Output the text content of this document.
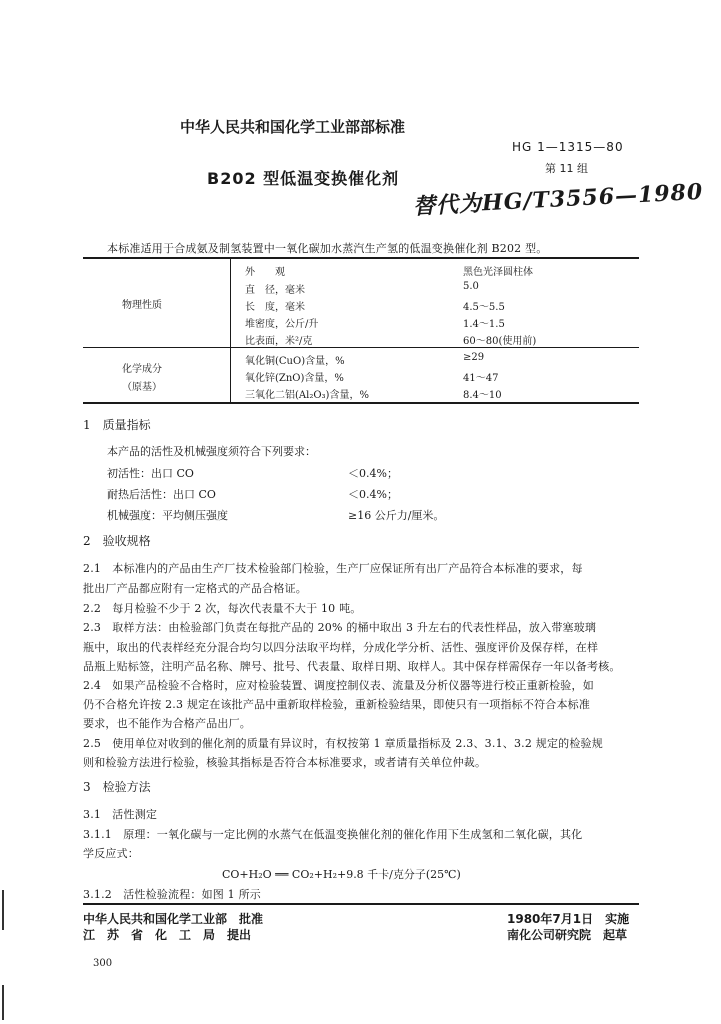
中华人民共和国化学工业部部标准
HG 1—1315—80
第 11 组
B202 型低温变换催化剂
替代为HG/T3556—1980
本标准适用于合成氨及制氢装置中一氧化碳加水蒸汽生产氢的低温变换催化剂 B202 型。
物理性质
外　　观	黑色光泽圆柱体
直　径，毫米	5.0
长　度，毫米	4.5～5.5
堆密度，公斤/升	1.4～1.5
比表面，米²/克	60～80(使用前)
化学成分
（原基）
氧化铜(CuO)含量，%	≥29
氧化锌(ZnO)含量，%	41～47
三氧化二铝(Al₂O₃)含量，%	8.4～10
1　质量指标
本产品的活性及机械强度须符合下列要求：
初活性：出口 CO	＜0.4%；
耐热后活性：出口 CO	＜0.4%；
机械强度：平均侧压强度	≥16 公斤力/厘米。
2　验收规格
2.1　本标准内的产品由生产厂技术检验部门检验，生产厂应保证所有出厂产品符合本标准的要求，每
批出厂产品都应附有一定格式的产品合格证。
2.2　每月检验不少于 2 次，每次代表量不大于 10 吨。
2.3　取样方法：由检验部门负责在每批产品的 20% 的桶中取出 3 升左右的代表性样品，放入带塞玻璃
瓶中，取出的代表样经充分混合均匀以四分法取平均样，分成化学分析、活性、强度评价及保存样，在样
品瓶上贴标签，注明产品名称、牌号、批号、代表量、取样日期、取样人。其中保存样需保存一年以备考核。
2.4　如果产品检验不合格时，应对检验装置、调度控制仪表、流量及分析仪器等进行校正重新检验，如
仍不合格允许按 2.3 规定在该批产品中重新取样检验，重新检验结果，即使只有一项指标不符合本标准
要求，也不能作为合格产品出厂。
2.5　使用单位对收到的催化剂的质量有异议时，有权按第 1 章质量指标及 2.3、3.1、3.2 规定的检验规
则和检验方法进行检验，核验其指标是否符合本标准要求，或者请有关单位仲裁。
3　检验方法
3.1　活性测定
3.1.1　原理：一氧化碳与一定比例的水蒸气在低温变换催化剂的催化作用下生成氢和二氧化碳，其化
学反应式：
CO+H₂O ══ CO₂+H₂+9.8 千卡/克分子(25℃)
3.1.2　活性检验流程：如图 1 所示
中华人民共和国化学工业部　批准
江　苏　省　化　工　局　提出
1980年7月1日　实施
南化公司研究院　起草
300
